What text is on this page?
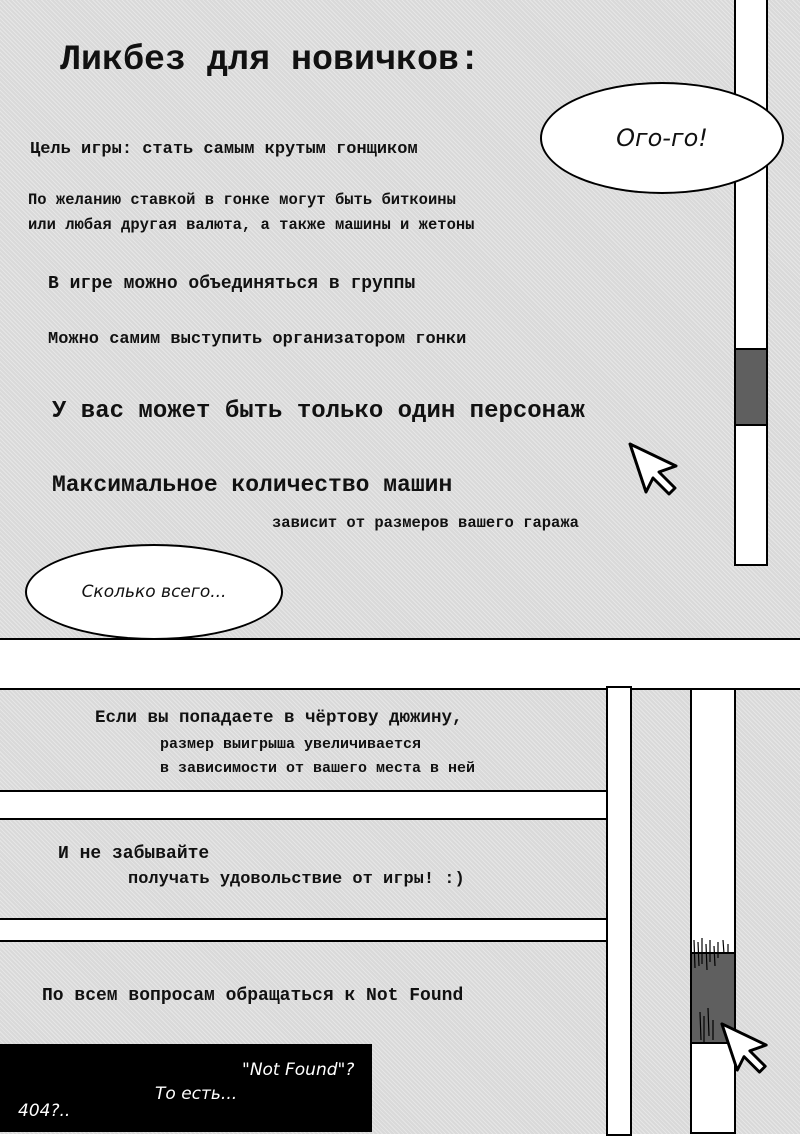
Ликбез для новичков:
Цель игры: стать самым крутым гонщиком
По желанию ставкой в гонке могут быть биткоины
или любая другая валюта, а также машины и жетоны
В игре можно объединяться в группы
Можно самим выступить организатором гонки
У вас может быть только один персонаж
Максимальное количество машин
зависит от размеров вашего гаража
Ого-го!
Сколько всего...
Если вы попадаете в чёртову дюжину,
размер выигрыша увеличивается
в зависимости от вашего места в ней
И не забывайте
получать удовольствие от игры! :)
По всем вопросам обращаться к Not Found
"Not Found"?
То есть...
404?..
